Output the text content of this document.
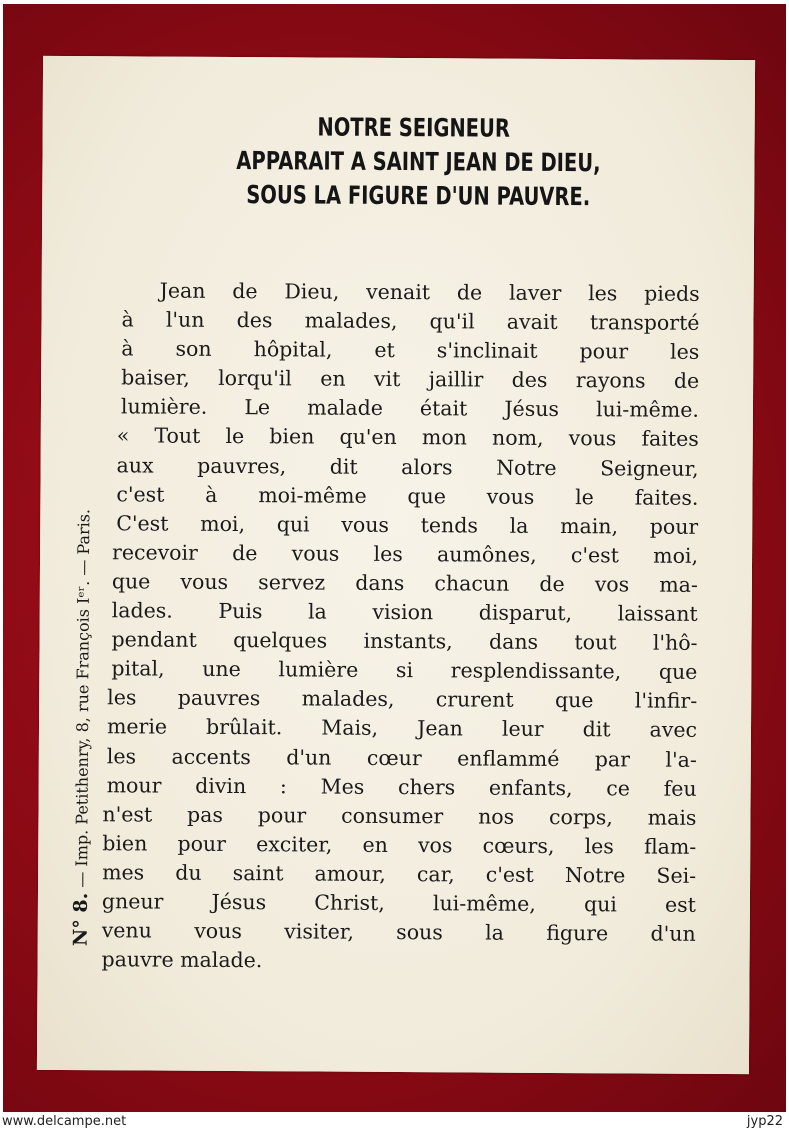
NOTRE SEIGNEUR
APPARAIT A SAINT JEAN DE DIEU,
SOUS LA FIGURE D'UN PAUVRE.
N° 8. — Imp. Petithenry, 8, rue François Iᵉʳ. — Paris.
Jean de Dieu, venait de laver les pieds
à l'un des malades, qu'il avait transporté
à son hôpital, et s'inclinait pour les
baiser, lorqu'il en vit jaillir des rayons de
lumière. Le malade était Jésus lui-même.
« Tout le bien qu'en mon nom, vous faites
aux pauvres, dit alors Notre Seigneur,
c'est à moi-même que vous le faites.
C'est moi, qui vous tends la main, pour
recevoir de vous les aumônes, c'est moi,
que vous servez dans chacun de vos ma-
lades. Puis la vision disparut, laissant
pendant quelques instants, dans tout l'hô-
pital, une lumière si resplendissante, que
les pauvres malades, crurent que l'infir-
merie brûlait. Mais, Jean leur dit avec
les accents d'un cœur enflammé par l'a-
mour divin : Mes chers enfants, ce feu
n'est pas pour consumer nos corps, mais
bien pour exciter, en vos cœurs, les flam-
mes du saint amour, car, c'est Notre Sei-
gneur Jésus Christ, lui-même, qui est
venu vous visiter, sous la figure d'un
pauvre malade.
www.delcampe.net	jyp22
